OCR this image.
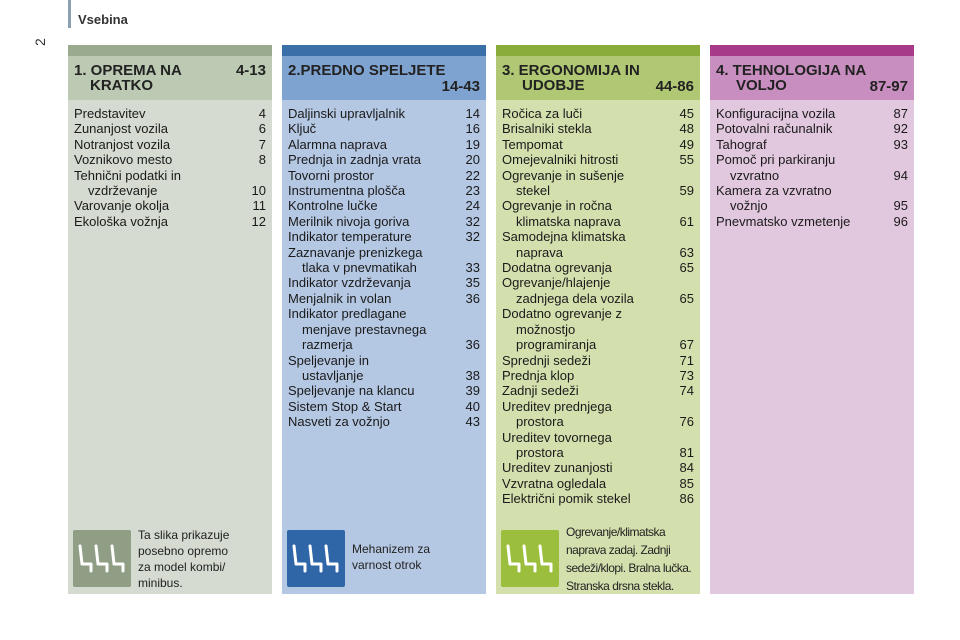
2
Vsebina
1. OPREMA NA
KRATKO
4-13
Predstavitev	4
Zunanjost vozila	6
Notranjost vozila	7
Voznikovo mesto	8
Tehnični podatki in
vzdrževanje	10
Varovanje okolja	11
Ekološka vožnja	12
Ta slika prikazuje
posebno opremo
za model kombi/
minibus.
2.PREDNO SPELJETE
14-43
Daljinski upravljalnik	14
Ključ	16
Alarmna naprava	19
Prednja in zadnja vrata	20
Tovorni prostor	22
Instrumentna plošča	23
Kontrolne lučke	24
Merilnik nivoja goriva	32
Indikator temperature	32
Zaznavanje prenizkega
tlaka v pnevmatikah	33
Indikator vzdrževanja	35
Menjalnik in volan	36
Indikator predlagane
menjave prestavnega
razmerja	36
Speljevanje in
ustavljanje	38
Speljevanje na klancu	39
Sistem Stop & Start	40
Nasveti za vožnjo	43
Mehanizem za
varnost otrok
3. ERGONOMIJA IN
UDOBJE	44-86
Ročica za luči	45
Brisalniki stekla	48
Tempomat	49
Omejevalniki hitrosti	55
Ogrevanje in sušenje
stekel	59
Ogrevanje in ročna
klimatska naprava	61
Samodejna klimatska
naprava	63
Dodatna ogrevanja	65
Ogrevanje/hlajenje
zadnjega dela vozila	65
Dodatno ogrevanje z
možnostjo
programiranja	67
Sprednji sedeži	71
Prednja klop	73
Zadnji sedeži	74
Ureditev prednjega
prostora	76
Ureditev tovornega
prostora	81
Ureditev zunanjosti	84
Vzvratna ogledala	85
Električni pomik stekel	86
Ogrevanje/klimatska
naprava zadaj. Zadnji
sedeži/klopi. Bralna lučka.
Stranska drsna stekla.
4. TEHNOLOGIJA NA
VOLJO	87-97
Konfiguracijna vozila	87
Potovalni računalnik	92
Tahograf	93
Pomoč pri parkiranju
vzvratno	94
Kamera za vzvratno
vožnjo	95
Pnevmatsko vzmetenje	96
